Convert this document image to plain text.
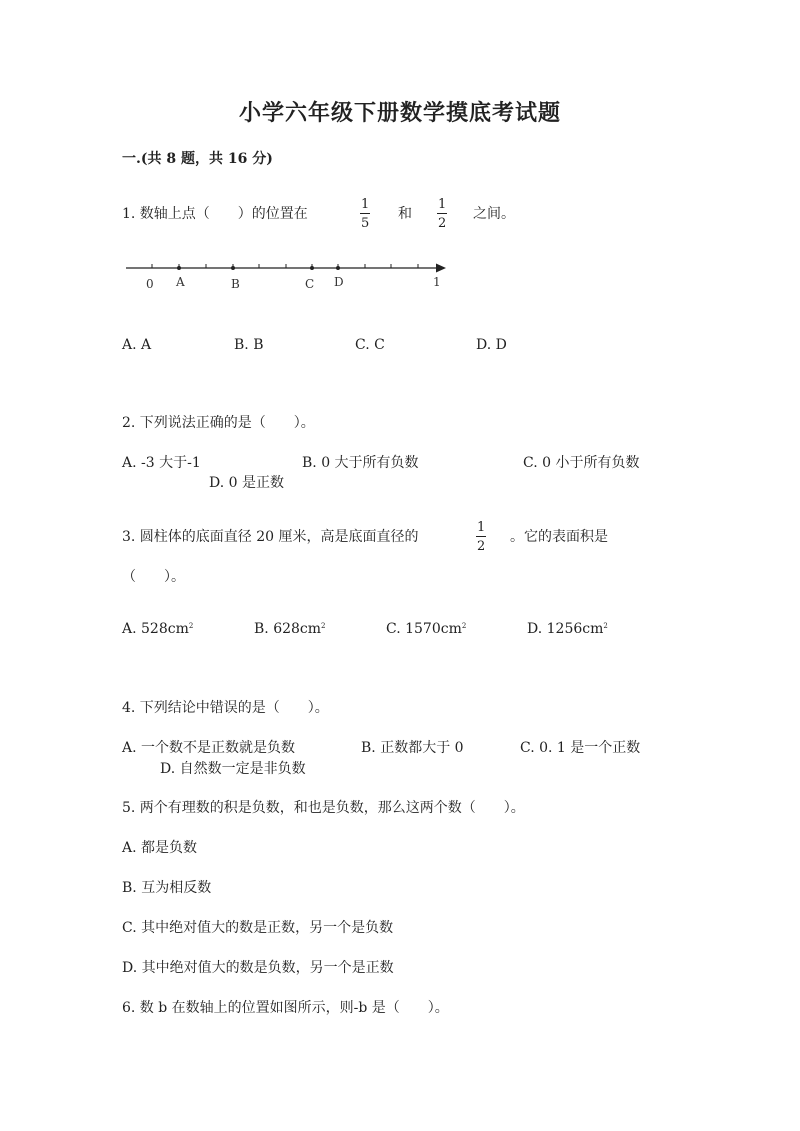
小学六年级下册数学摸底考试题
一.(共 8 题，共 16 分)
1. 数轴上点（　　）的位置在
1
5
和
1
2
之间。
0 A	B	C D	1
A. A	B. B	C. C	D. D
2. 下列说法正确的是（　　）。
A. -3 大于-1	B. 0 大于所有负数	C. 0 小于所有负数
D. 0 是正数
3. 圆柱体的底面直径 20 厘米，高是底面直径的
1
2
。它的表面积是
（　　）。
A. $528cm^2$	B. $628cm^2$	C. $1570cm^2$	D. $1256cm^2$
4. 下列结论中错误的是（　　）。
A. 一个数不是正数就是负数	B. 正数都大于 0	C. 0. 1 是一个正数
D. 自然数一定是非负数
5. 两个有理数的积是负数，和也是负数，那么这两个数（　　）。
A. 都是负数
B. 互为相反数
C. 其中绝对值大的数是正数，另一个是负数
D. 其中绝对值大的数是负数，另一个是正数
6. 数 b 在数轴上的位置如图所示，则-b 是（　　）。
